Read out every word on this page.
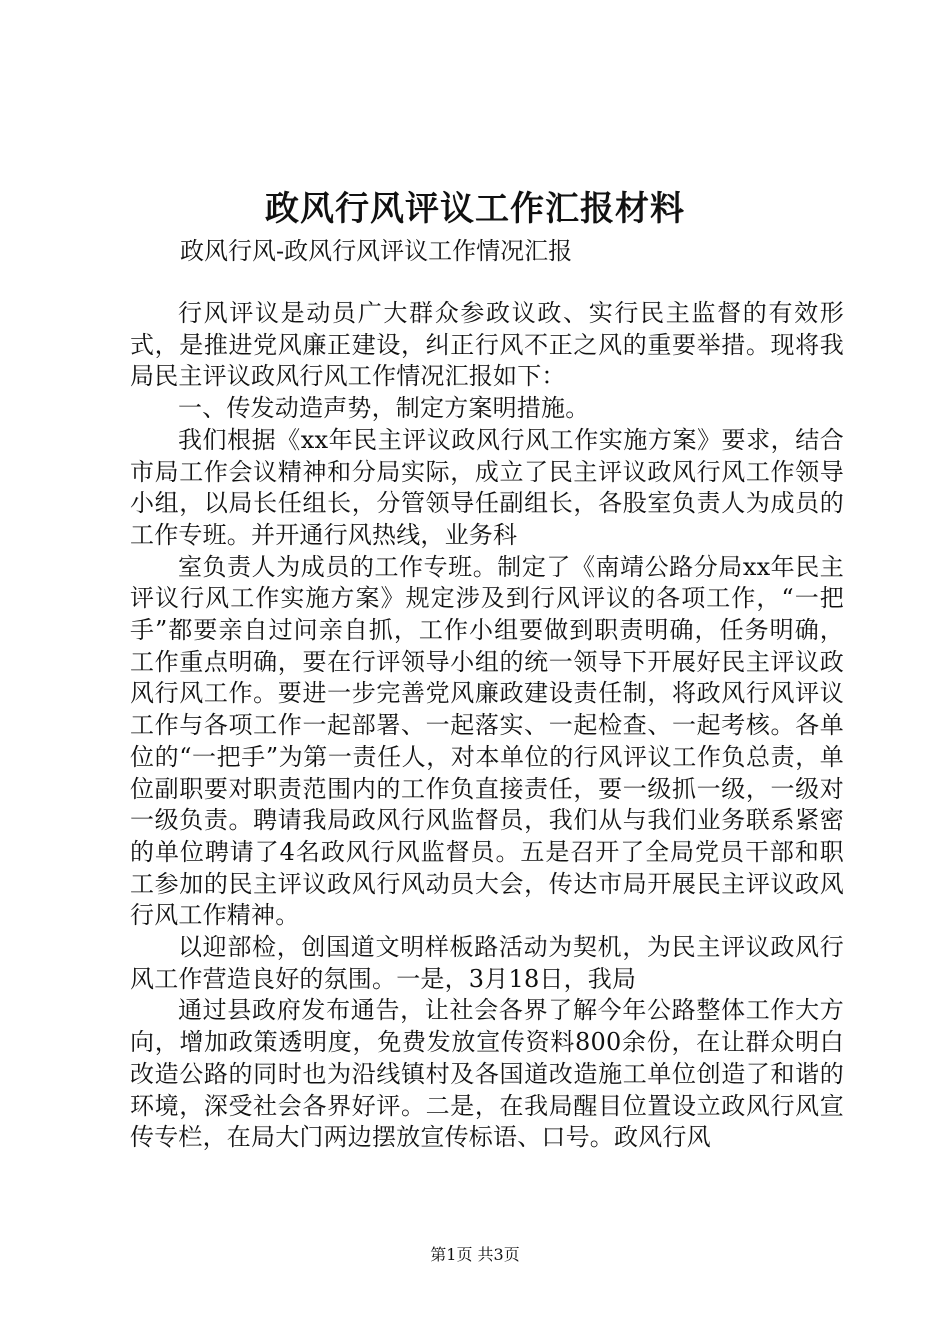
政风行风评议工作汇报材料

政风行风-政风行风评议工作情况汇报

行风评议是动员广大群众参政议政、实行民主监督的有效形式，是推进党风廉正建设，纠正行风不正之风的重要举措。现将我局民主评议政风行风工作情况汇报如下：

一、传发动造声势，制定方案明措施。

我们根据《xx年民主评议政风行风工作实施方案》要求，结合市局工作会议精神和分局实际，成立了民主评议政风行风工作领导小组，以局长任组长，分管领导任副组长，各股室负责人为成员的工作专班。并开通行风热线，业务科

室负责人为成员的工作专班。制定了《南靖公路分局xx年民主评议行风工作实施方案》规定涉及到行风评议的各项工作，“一把手”都要亲自过问亲自抓，工作小组要做到职责明确，任务明确，工作重点明确，要在行评领导小组的统一领导下开展好民主评议政风行风工作。要进一步完善党风廉政建设责任制，将政风行风评议工作与各项工作一起部署、一起落实、一起检查、一起考核。各单位的“一把手”为第一责任人，对本单位的行风评议工作负总责，单位副职要对职责范围内的工作负直接责任，要一级抓一级，一级对一级负责。聘请我局政风行风监督员，我们从与我们业务联系紧密的单位聘请了4名政风行风监督员。五是召开了全局党员干部和职工参加的民主评议政风行风动员大会，传达市局开展民主评议政风行风工作精神。

以迎部检，创国道文明样板路活动为契机，为民主评议政风行风工作营造良好的氛围。一是，3月18日，我局

通过县政府发布通告，让社会各界了解今年公路整体工作大方向，增加政策透明度，免费发放宣传资料800余份，在让群众明白改造公路的同时也为沿线镇村及各国道改造施工单位创造了和谐的环境，深受社会各界好评。二是，在我局醒目位置设立政风行风宣传专栏，在局大门两边摆放宣传标语、口号。政风行风

第1页 共3页
